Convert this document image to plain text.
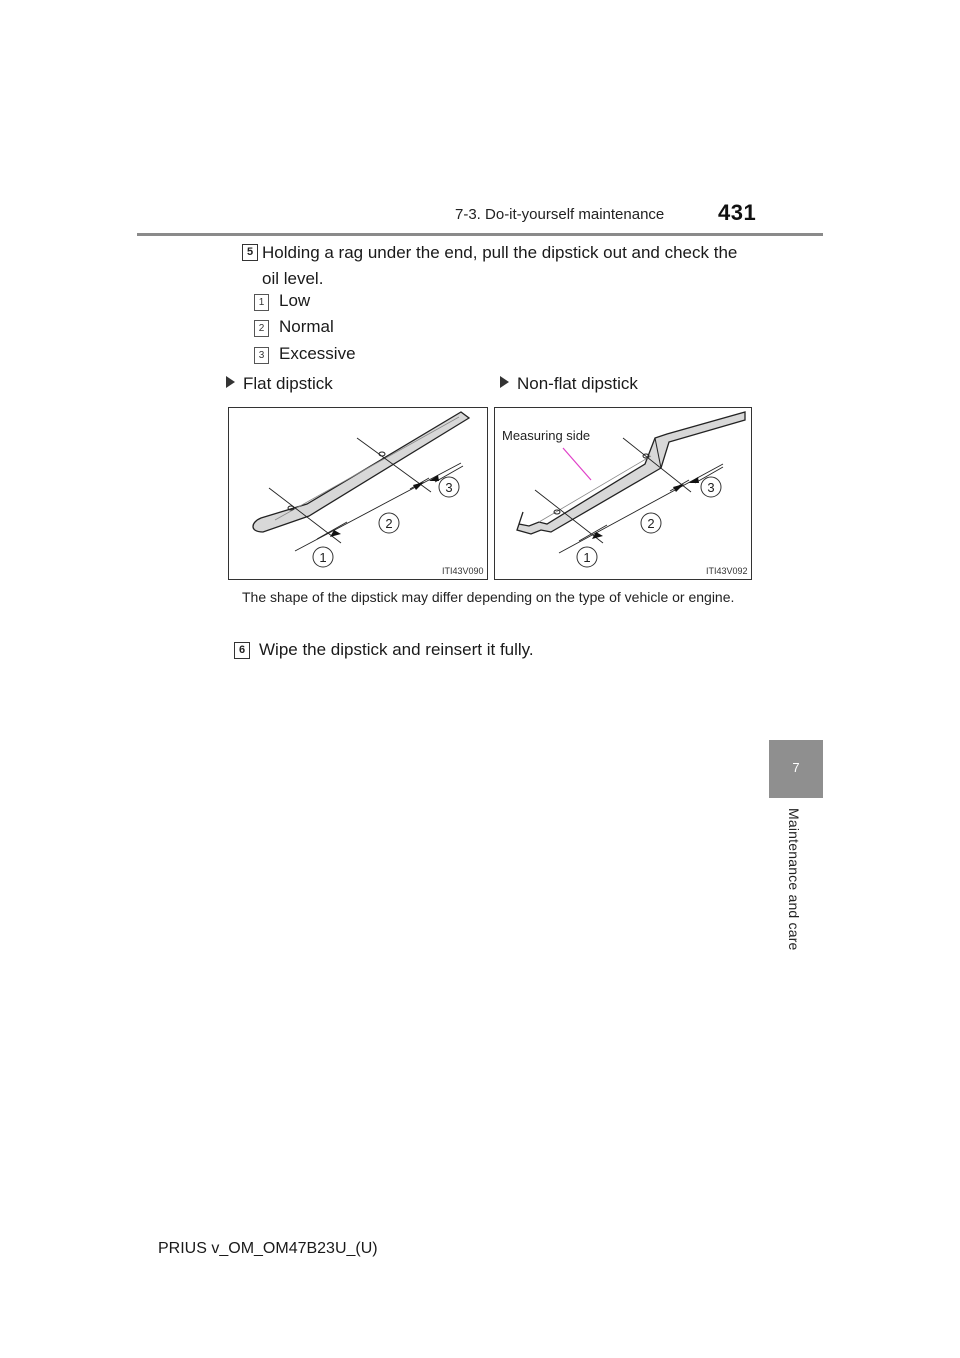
7-3. Do-it-yourself maintenance 431
5 Holding a rag under the end, pull the dipstick out and check the oil level.
1 Low
2 Normal
3 Excessive
Flat dipstick	Non-flat dipstick
1
2
3
ITI43V090
1
2
3
Measuring side
ITI43V092
The shape of the dipstick may differ depending on the type of vehicle or engine.
6 Wipe the dipstick and reinsert it fully.
7
Maintenance and care
PRIUS v_OM_OM47B23U_(U)
